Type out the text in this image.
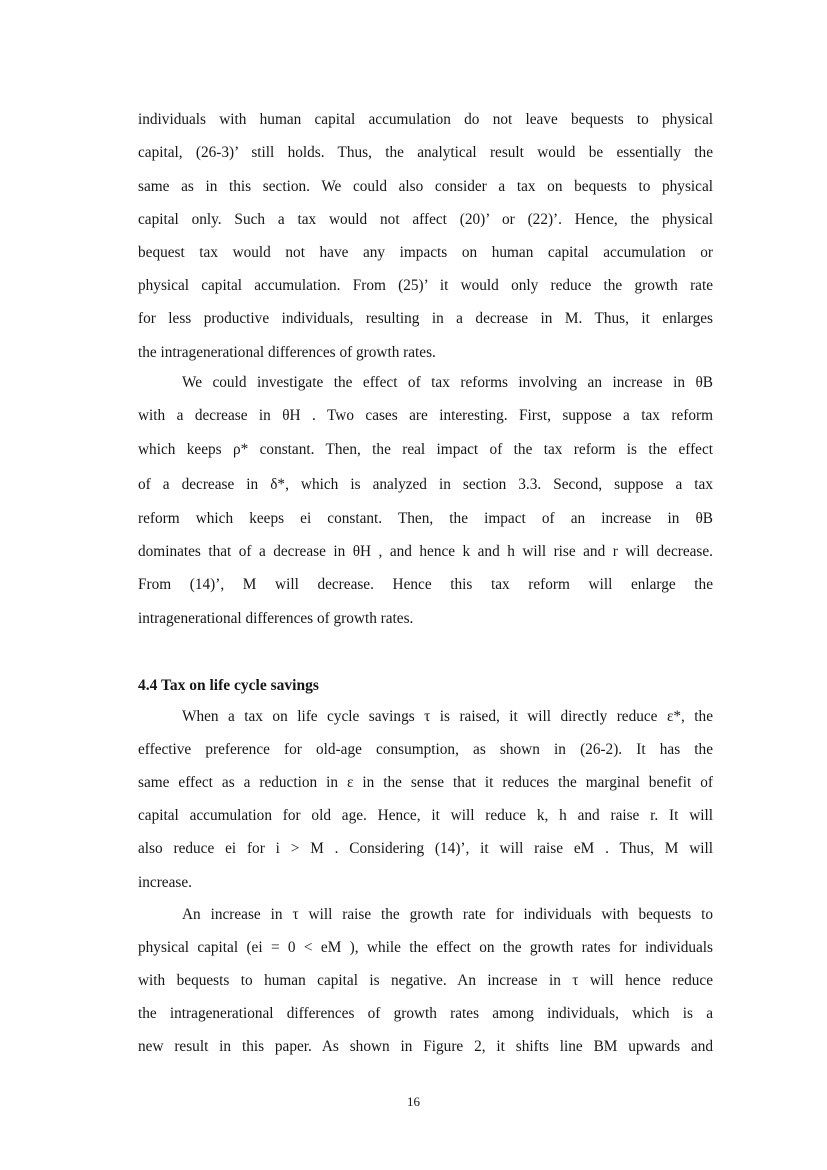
individuals with human capital accumulation do not leave bequests to physical
capital, (26-3)’ still holds. Thus, the analytical result would be essentially the
same as in this section. We could also consider a tax on bequests to physical
capital only. Such a tax would not affect (20)’ or (22)’. Hence, the physical
bequest tax would not have any impacts on human capital accumulation or
physical capital accumulation. From (25)’ it would only reduce the growth rate
for less productive individuals, resulting in a decrease in M. Thus, it enlarges
the intragenerational differences of growth rates.
We could investigate the effect of tax reforms involving an increase in θB
with a decrease in θH . Two cases are interesting. First, suppose a tax reform
which keeps ρ* constant. Then, the real impact of the tax reform is the effect
of a decrease in δ*, which is analyzed in section 3.3. Second, suppose a tax
reform which keeps ei constant. Then, the impact of an increase in θB
dominates that of a decrease in θH , and hence k and h will rise and r will decrease.
From (14)’, M will decrease. Hence this tax reform will enlarge the
intragenerational differences of growth rates.
4.4 Tax on life cycle savings
When a tax on life cycle savings τ is raised, it will directly reduce ε*, the
effective preference for old-age consumption, as shown in (26-2). It has the
same effect as a reduction in ε in the sense that it reduces the marginal benefit of
capital accumulation for old age. Hence, it will reduce k, h and raise r. It will
also reduce ei for i > M . Considering (14)’, it will raise eM . Thus, M will
increase.
An increase in τ will raise the growth rate for individuals with bequests to
physical capital (ei = 0 < eM ), while the effect on the growth rates for individuals
with bequests to human capital is negative. An increase in τ will hence reduce
the intragenerational differences of growth rates among individuals, which is a
new result in this paper. As shown in Figure 2, it shifts line BM upwards and
16
